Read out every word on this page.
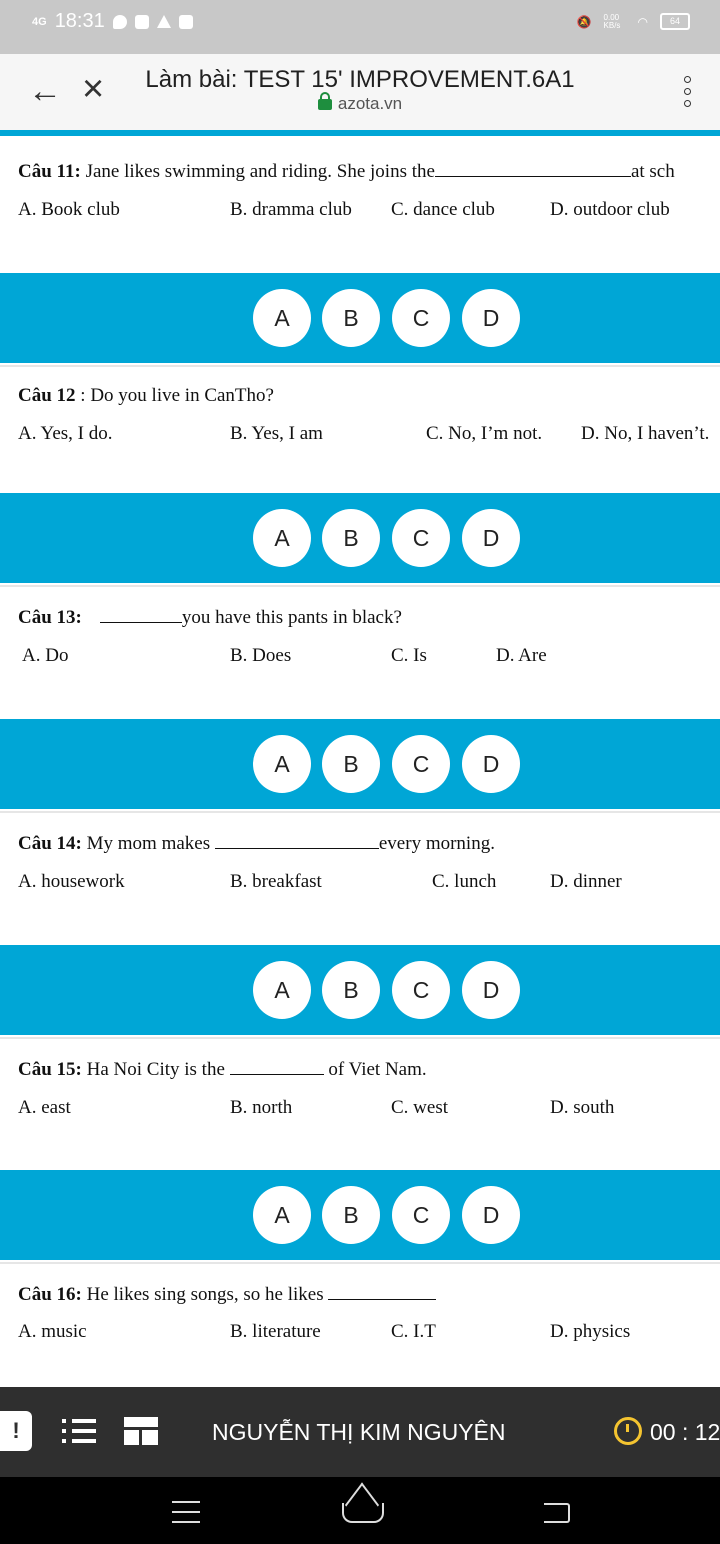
4G 18:31	🔕 0.00 KB/s	◠	64
← ×	Làm bài: TEST 15' IMPROVEMENT.6A1
azota.vn
Câu 11: Jane likes swimming and riding. She joins the	at sch
A. Book club	B. dramma club C. dance club	D. outdoor club
A	B	C	D
Câu 12 : Do you live in CanTho?
A. Yes, I do.	B. Yes, I am	C. No, I’m not. D. No, I haven’t.
A	B	C	D
Câu 13:	you have this pants in black?
A. Do	B. Does	C. Is	D. Are
A	B	C	D
Câu 14: My mom makes	every morning.
A. housework	B. breakfast	C. lunch	D. dinner
A	B	C	D
Câu 15: Ha Noi City is the	of Viet Nam.
A. east	B. north	C. west	D. south
A	B	C	D
Câu 16: He likes sing songs, so he likes
A. music	B. literature	C. I.T	D. physics
!	NGUYỄN THỊ KIM NGUYÊN	00 : 12
